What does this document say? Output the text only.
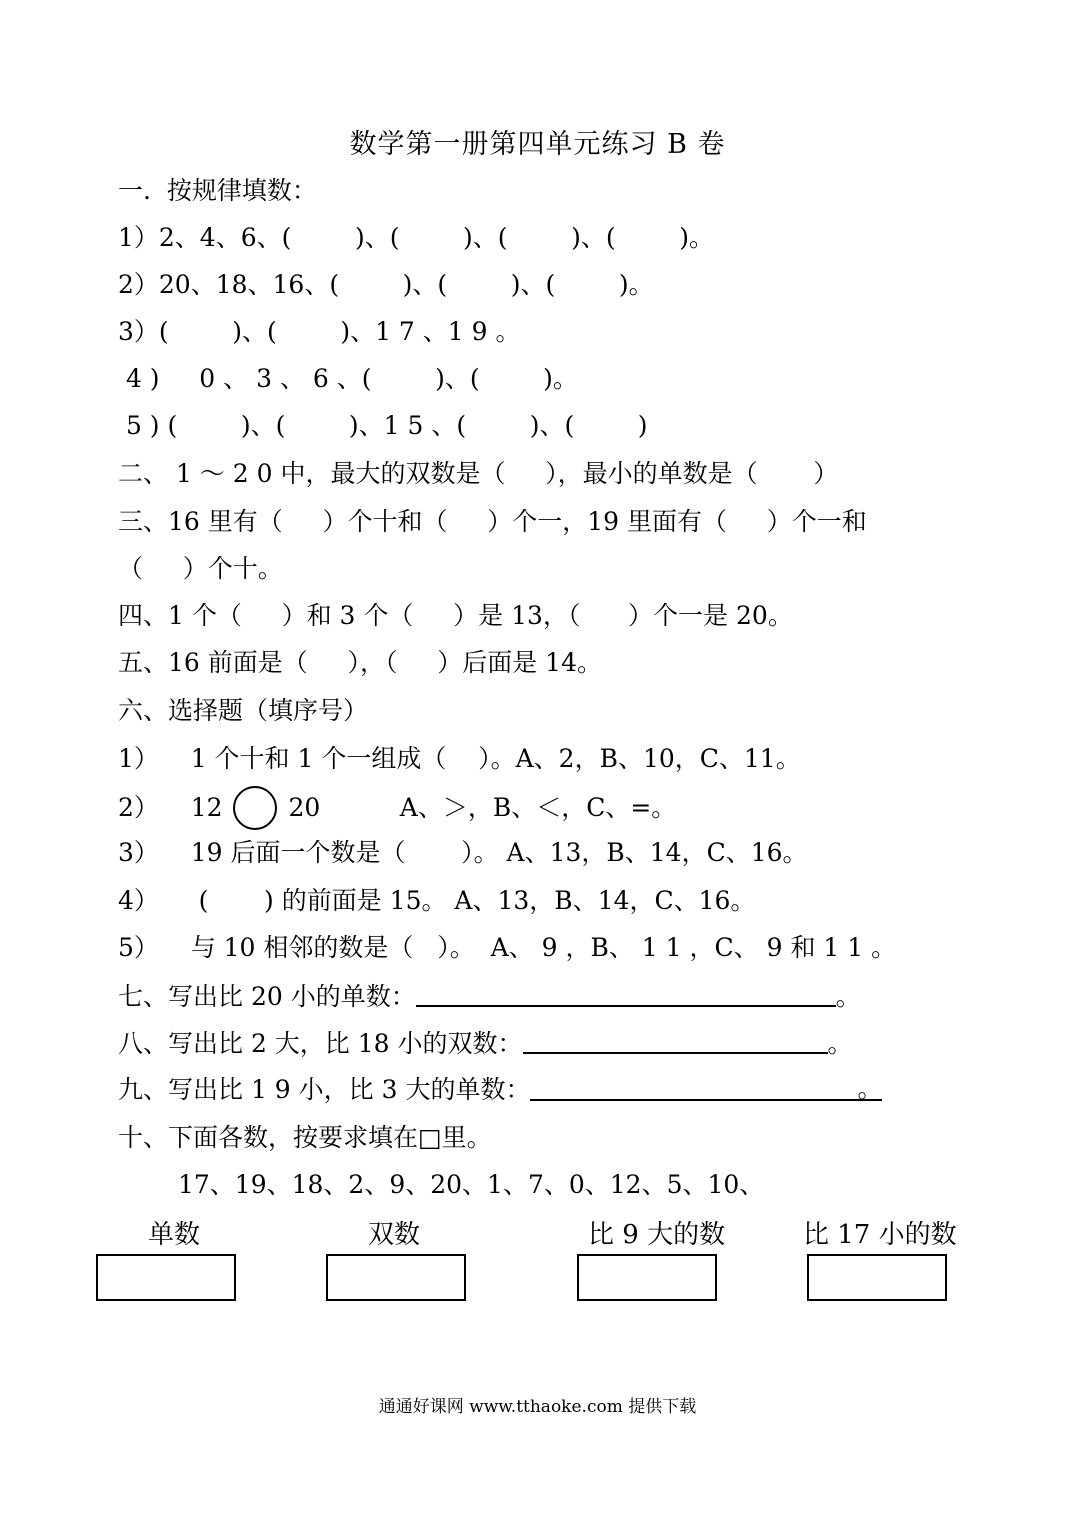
数学第一册第四单元练习 B 卷
一.  按规律填数：
1）2、4、6、(        )、(        )、(        )、(        )。
2）20、18、16、(        )、(        )、(        )。
3）(        )、(        )、1 7 、1 9 。
4 )     0 、 3 、 6 、(        )、(        )。
5 ) (        )、(        )、1 5 、(        )、(        )
二、 1 ～ 2 0 中，最大的双数是（     ），最小的单数是（       ）
三、16 里有（     ）个十和（     ）个一，19 里面有（     ）个一和
（     ）个十。
四、1 个（     ）和 3 个（     ）是 13，（      ）个一是 20。
五、16 前面是（     ），（     ）后面是 14。
六、选择题（填序号）
1）    1 个十和 1 个一组成（    ）。A、2，B、10，C、11。
2）    12	20          A、＞，B、＜，C、=。
3）    19 后面一个数是（       ）。 A、13，B、14，C、16。
4）     (       ) 的前面是 15。 A、13，B、14，C、16。
5）    与 10 相邻的数是（   ）。  A、 9 ，B、 1 1 ，C、 9 和 1 1 。
七、写出比 20 小的单数：	。
八、写出比 2 大，比 18 小的双数：	。
九、写出比 1 9 小，比 3 大的单数：	。
十、下面各数，按要求填在□里。
17、19、18、2、9、20、1、7、0、12、5、10、
单数	双数	比 9 大的数	比 17 小的数
通通好课网 www.tthaoke.com 提供下载
